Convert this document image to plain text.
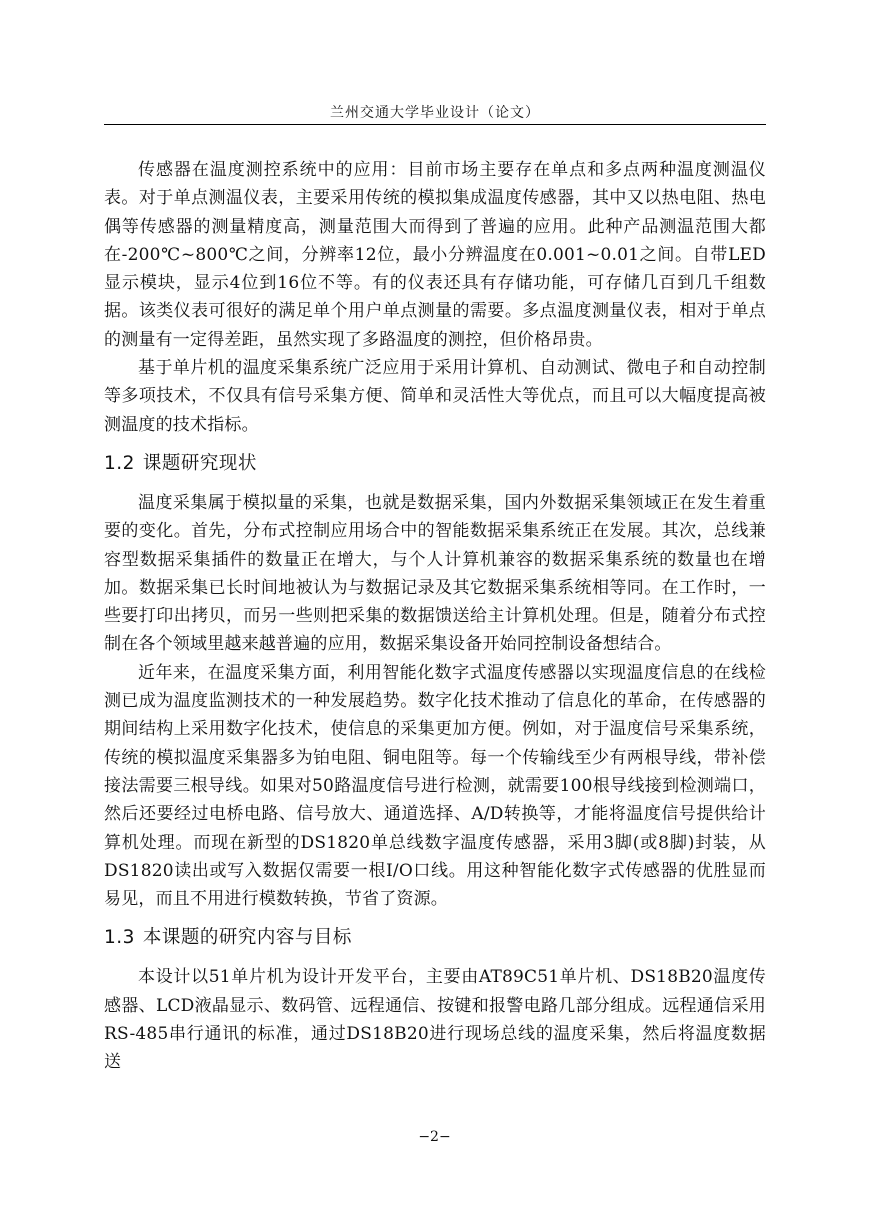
兰州交通大学毕业设计（论文）

传感器在温度测控系统中的应用：目前市场主要存在单点和多点两种温度测温仪表。对于单点测温仪表，主要采用传统的模拟集成温度传感器，其中又以热电阻、热电偶等传感器的测量精度高，测量范围大而得到了普遍的应用。此种产品测温范围大都在-200℃~800℃之间，分辨率12位，最小分辨温度在0.001~0.01之间。自带LED显示模块，显示4位到16位不等。有的仪表还具有存储功能，可存储几百到几千组数据。该类仪表可很好的满足单个用户单点测量的需要。多点温度测量仪表，相对于单点的测量有一定得差距，虽然实现了多路温度的测控，但价格昂贵。

基于单片机的温度采集系统广泛应用于采用计算机、自动测试、微电子和自动控制等多项技术，不仅具有信号采集方便、简单和灵活性大等优点，而且可以大幅度提高被测温度的技术指标。

1.2 课题研究现状

温度采集属于模拟量的采集，也就是数据采集，国内外数据采集领域正在发生着重要的变化。首先，分布式控制应用场合中的智能数据采集系统正在发展。其次，总线兼容型数据采集插件的数量正在增大，与个人计算机兼容的数据采集系统的数量也在增加。数据采集已长时间地被认为与数据记录及其它数据采集系统相等同。在工作时，一些要打印出拷贝，而另一些则把采集的数据馈送给主计算机处理。但是，随着分布式控制在各个领域里越来越普遍的应用，数据采集设备开始同控制设备想结合。

近年来，在温度采集方面，利用智能化数字式温度传感器以实现温度信息的在线检测已成为温度监测技术的一种发展趋势。数字化技术推动了信息化的革命，在传感器的期间结构上采用数字化技术，使信息的采集更加方便。例如，对于温度信号采集系统，传统的模拟温度采集器多为铂电阻、铜电阻等。每一个传输线至少有两根导线，带补偿接法需要三根导线。如果对50路温度信号进行检测，就需要100根导线接到检测端口，然后还要经过电桥电路、信号放大、通道选择、A/D转换等，才能将温度信号提供给计算机处理。而现在新型的DS1820单总线数字温度传感器，采用3脚(或8脚)封装，从DS1820读出或写入数据仅需要一根I/O口线。用这种智能化数字式传感器的优胜显而易见，而且不用进行模数转换，节省了资源。

1.3 本课题的研究内容与目标

本设计以51单片机为设计开发平台，主要由AT89C51单片机、DS18B20温度传感器、LCD液晶显示、数码管、远程通信、按键和报警电路几部分组成。远程通信采用RS-485串行通讯的标准，通过DS18B20进行现场总线的温度采集，然后将温度数据送

−2−
